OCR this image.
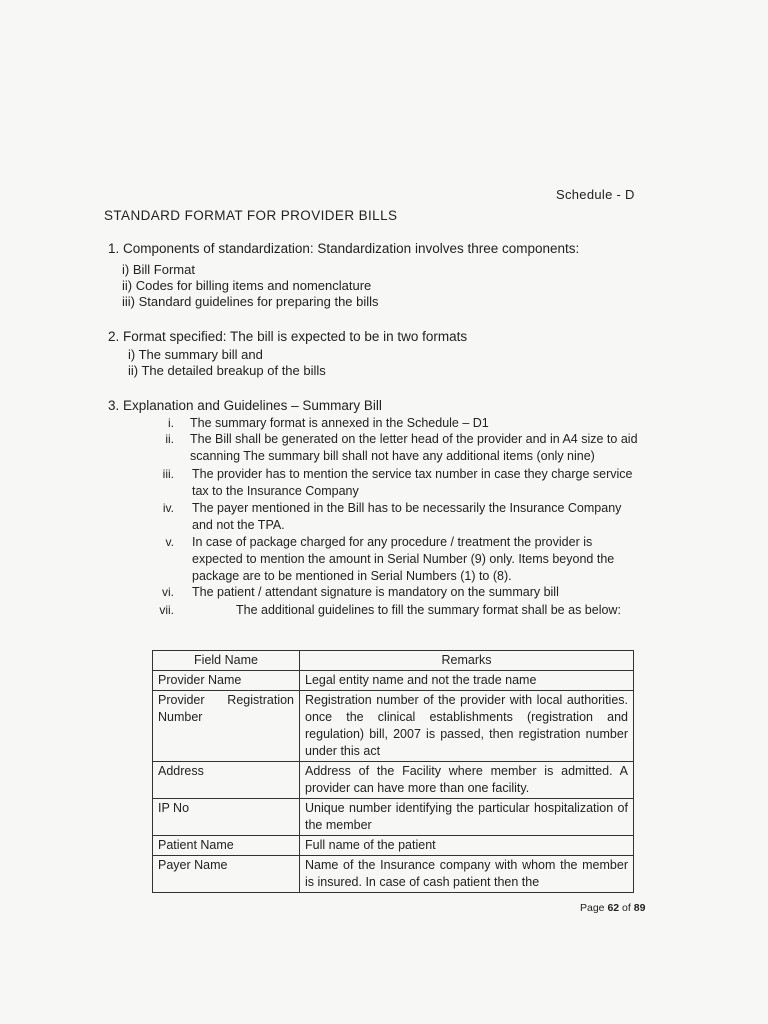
Schedule - D
STANDARD FORMAT FOR PROVIDER BILLS
1. Components of standardization: Standardization involves three components:
i) Bill Format
ii) Codes for billing items and nomenclature
iii) Standard guidelines for preparing the bills
2. Format specified: The bill is expected to be in two formats
i) The summary bill and
ii) The detailed breakup of the bills
3. Explanation and Guidelines – Summary Bill
i. The summary format is annexed in the Schedule – D1
ii. The Bill shall be generated on the letter head of the provider and in A4 size to aid scanning The summary bill shall not have any additional items (only nine)
iii. The provider has to mention the service tax number in case they charge service tax to the Insurance Company
iv. The payer mentioned in the Bill has to be necessarily the Insurance Company and not the TPA.
v. In case of package charged for any procedure / treatment the provider is expected to mention the amount in Serial Number (9) only. Items beyond the package are to be mentioned in Serial Numbers (1) to (8).
vi. The patient / attendant signature is mandatory on the summary bill
vii.	The additional guidelines to fill the summary format shall be as below:
Field Name	Remarks
Provider Name	Legal entity name and not the trade name
Provider Registration Number	Registration number of the provider with local authorities. once the clinical establishments (registration and regulation) bill, 2007 is passed, then registration number under this act
Address	Address of the Facility where member is admitted. A provider can have more than one facility.
IP No	Unique number identifying the particular hospitalization of the member
Patient Name	Full name of the patient
Payer Name	Name of the Insurance company with whom the member is insured. In case of cash patient then the
Page 62 of 89
